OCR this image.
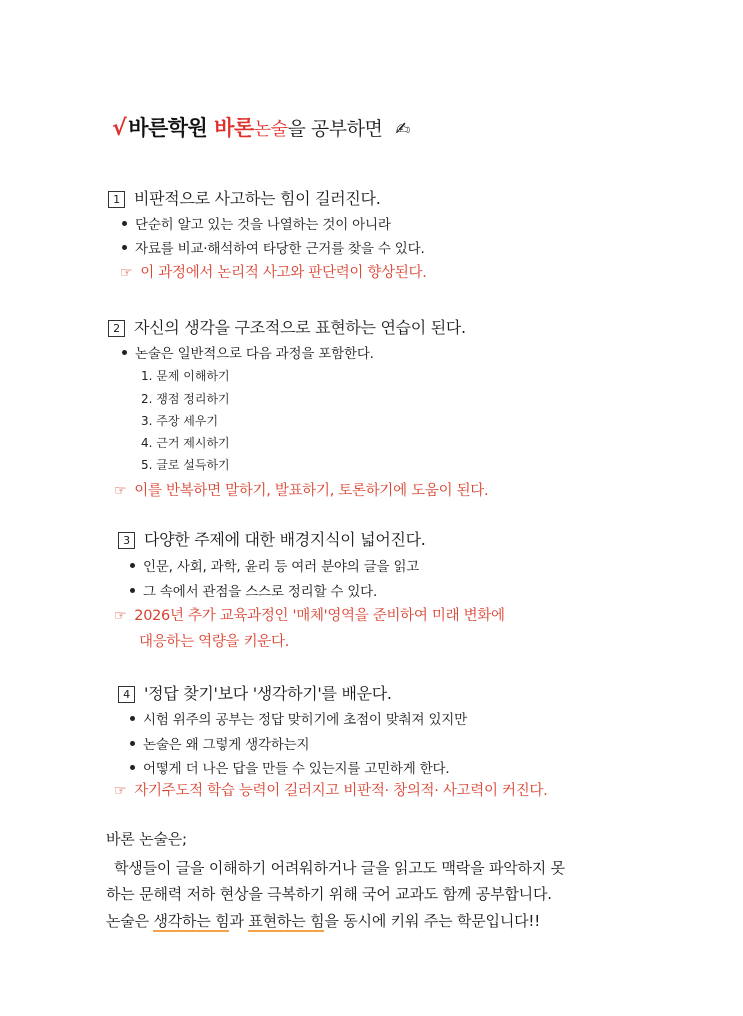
√바른학원 바론논술을 공부하면 ✍
1 비판적으로 사고하는 힘이 길러진다.
단순히 알고 있는 것을 나열하는 것이 아니라
자료를 비교·해석하여 타당한 근거를 찾을 수 있다.
☞ 이 과정에서 논리적 사고와 판단력이 향상된다.
2 자신의 생각을 구조적으로 표현하는 연습이 된다.
논술은 일반적으로 다음 과정을 포함한다.
1. 문제 이해하기
2. 쟁점 정리하기
3. 주장 세우기
4. 근거 제시하기
5. 글로 설득하기
☞ 이를 반복하면 말하기, 발표하기, 토론하기에 도움이 된다.
3 다양한 주제에 대한 배경지식이 넓어진다.
인문, 사회, 과학, 윤리 등 여러 분야의 글을 읽고
그 속에서 관점을 스스로 정리할 수 있다.
☞ 2026년 추가 교육과정인 '매체'영역을 준비하여 미래 변화에
대응하는 역량을 키운다.
4 '정답 찾기'보다 '생각하기'를 배운다.
시험 위주의 공부는 정답 맞히기에 초점이 맞춰져 있지만
논술은 왜 그렇게 생각하는지
어떻게 더 나은 답을 만들 수 있는지를 고민하게 한다.
☞ 자기주도적 학습 능력이 길러지고 비판적· 창의적· 사고력이 커진다.
바론 논술은;
학생들이 글을 이해하기 어려워하거나 글을 읽고도 맥락을 파악하지 못
하는 문해력 저하 현상을 극복하기 위해 국어 교과도 함께 공부합니다.
논술은 생각하는 힘과 표현하는 힘을 동시에 키워 주는 학문입니다!!
